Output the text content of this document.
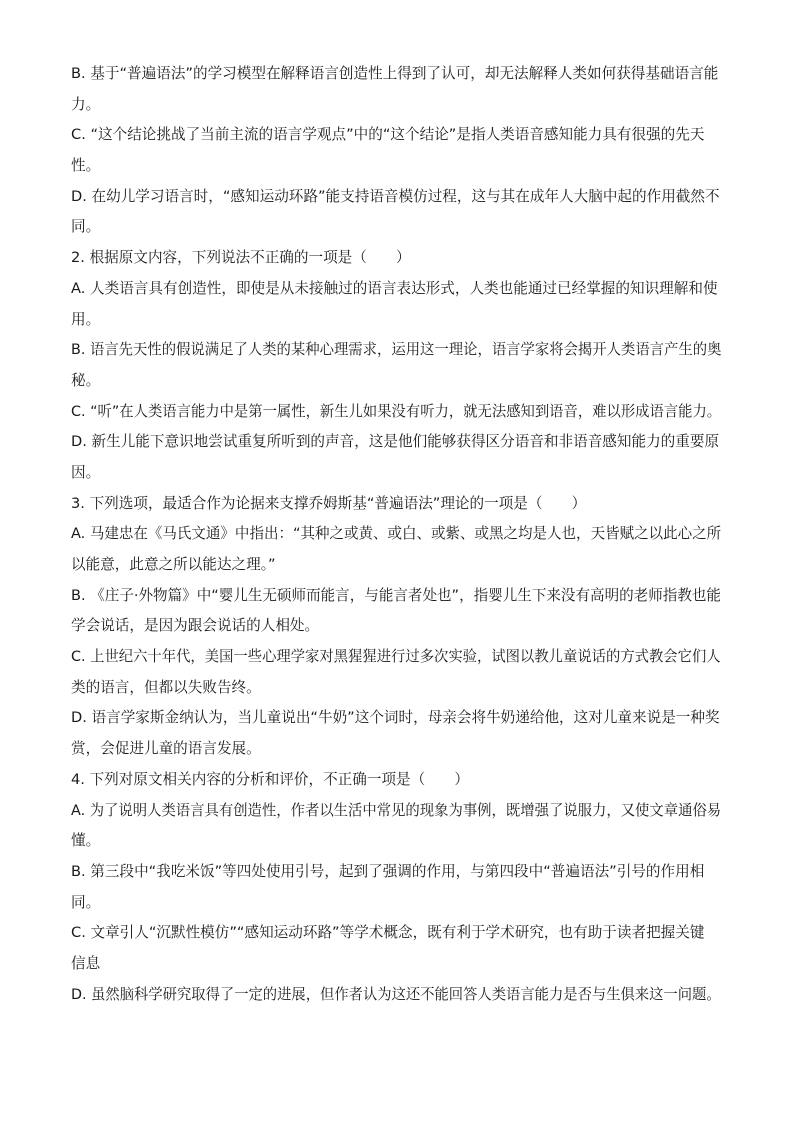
B. 基于“普遍语法”的学习模型在解释语言创造性上得到了认可，却无法解释人类如何获得基础语言能
力。
C. “这个结论挑战了当前主流的语言学观点”中的“这个结论”是指人类语音感知能力具有很强的先天
性。
D. 在幼儿学习语言时，“感知运动环路”能支持语音模仿过程，这与其在成年人大脑中起的作用截然不
同。
2. 根据原文内容，下列说法不正确的一项是（　　）
A. 人类语言具有创造性，即使是从未接触过的语言表达形式，人类也能通过已经掌握的知识理解和使
用。
B. 语言先天性的假说满足了人类的某种心理需求，运用这一理论，语言学家将会揭开人类语言产生的奥
秘。
C. “听”在人类语言能力中是第一属性，新生儿如果没有听力，就无法感知到语音，难以形成语言能力。
D. 新生儿能下意识地尝试重复所听到的声音，这是他们能够获得区分语音和非语音感知能力的重要原
因。
3. 下列选项，最适合作为论据来支撑乔姆斯基“普遍语法”理论的一项是（　　）
A. 马建忠在《马氏文通》中指出：“其种之或黄、或白、或紫、或黑之均是人也，天皆赋之以此心之所
以能意，此意之所以能达之理。”
B. 《庄子·外物篇》中“婴儿生无硕师而能言，与能言者处也”，指婴儿生下来没有高明的老师指教也能
学会说话，是因为跟会说话的人相处。
C. 上世纪六十年代，美国一些心理学家对黑猩猩进行过多次实验，试图以教儿童说话的方式教会它们人
类的语言，但都以失败告终。
D. 语言学家斯金纳认为，当儿童说出“牛奶”这个词时，母亲会将牛奶递给他，这对儿童来说是一种奖
赏，会促进儿童的语言发展。
4. 下列对原文相关内容的分析和评价，不正确一项是（　　）
A. 为了说明人类语言具有创造性，作者以生活中常见的现象为事例，既增强了说服力，又使文章通俗易
懂。
B. 第三段中“我吃米饭”等四处使用引号，起到了强调的作用，与第四段中“普遍语法”引号的作用相
同。
C. 文章引人“沉默性模仿”“感知运动环路”等学术概念，既有利于学术研究，也有助于读者把握关键
信息
D. 虽然脑科学研究取得了一定的进展，但作者认为这还不能回答人类语言能力是否与生俱来这一问题。
